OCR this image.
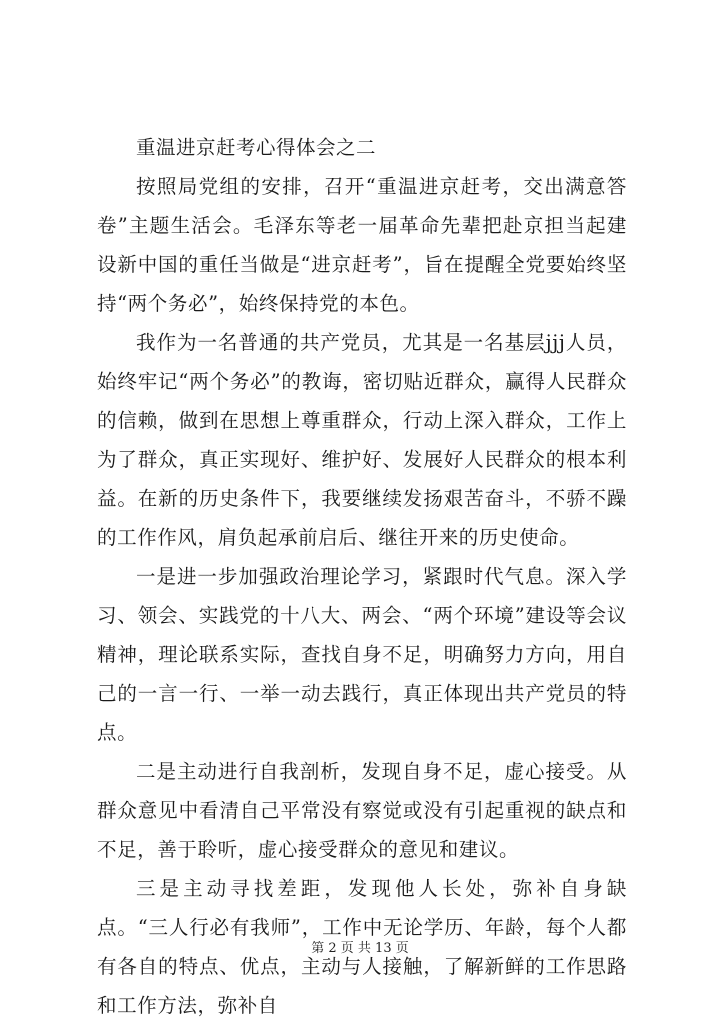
重温进京赶考心得体会之二

按照局党组的安排，召开“重温进京赶考，交出满意答卷”主题生活会。毛泽东等老一届革命先辈把赴京担当起建设新中国的重任当做是“进京赶考”，旨在提醒全党要始终坚持“两个务必”，始终保持党的本色。

我作为一名普通的共产党员，尤其是一名基层jjj人员，始终牢记“两个务必”的教诲，密切贴近群众，赢得人民群众的信赖，做到在思想上尊重群众，行动上深入群众，工作上为了群众，真正实现好、维护好、发展好人民群众的根本利益。在新的历史条件下，我要继续发扬艰苦奋斗，不骄不躁的工作作风，肩负起承前启后、继往开来的历史使命。

一是进一步加强政治理论学习，紧跟时代气息。深入学习、领会、实践党的十八大、两会、“两个环境”建设等会议精神，理论联系实际，查找自身不足，明确努力方向，用自己的一言一行、一举一动去践行，真正体现出共产党员的特点。

二是主动进行自我剖析，发现自身不足，虚心接受。从群众意见中看清自己平常没有察觉或没有引起重视的缺点和不足，善于聆听，虚心接受群众的意见和建议。

三是主动寻找差距，发现他人长处，弥补自身缺点。“三人行必有我师”，工作中无论学历、年龄，每个人都有各自的特点、优点，主动与人接触，了解新鲜的工作思路和工作方法，弥补自

第 2 页 共 13 页
